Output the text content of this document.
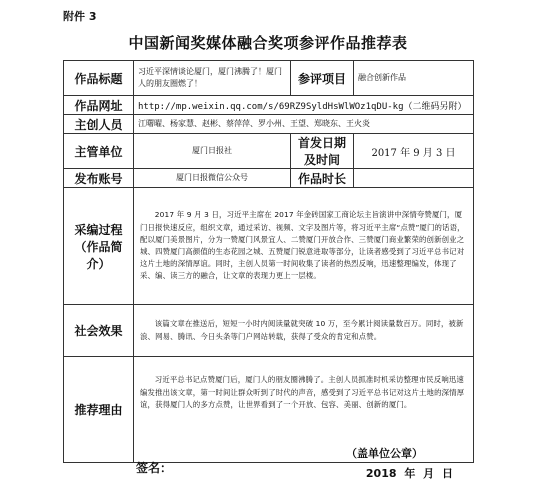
附件 3
中国新闻奖媒体融合奖项参评作品推荐表
作品标题	习近平深情谈论厦门，厦门沸腾了！厦门人的朋友圈燃了！	参评项目	融合创新作品
作品网址	http://mp.weixin.qq.com/s/69RZ9SyldHsWlWOz1qDU-kg（二维码另附）		
主创人员	江曙曜、杨家慧、赵彬、蔡萍萍、罗小州、王望、郑晓东、王火炎		
主管单位	厦门日报社	首发日期及时间	2017 年 9 月 3 日
发布账号	厦门日报微信公众号	作品时长	
采编过程
（作品简介）	2017 年 9 月 3 日，习近平主席在 2017 年金砖国家工商论坛主旨演讲中深情夸赞厦门，厦门日报快速反应，组织文章，通过采访、视频、文字及图片等，将习近平主席“点赞”厦门的话语，配以厦门美景图片，分为一赞厦门风景宜人、二赞厦门开放合作、三赞厦门商业繁荣的创新创业之城、四赞厦门高颜值的生态花园之城、五赞厦门锐意进取等部分，让读者感受到了习近平总书记对这片土地的深情厚谊。同时，主创人员第一时间收集了读者的热烈反响，迅速整理编发，体现了采、编、读三方的融合，让文章的表现力更上一层楼。		
社会效果	该篇文章在推送后，短短一小时内阅读量就突破 10 万，至今累计阅读量数百万。同时，被新浪、网易、腾讯、今日头条等门户网站转载，获得了受众的肯定和点赞。		
推荐理由	习近平总书记点赞厦门后，厦门人的朋友圈沸腾了。主创人员抓准时机采访整理市民反响迅速编发推出该文章，第一时间让群众听到了时代的声音，感受到了习近平总书记对这片土地的深情厚谊，获得厦门人的多方点赞，让世界看到了一个开放、包容、美丽、创新的厦门。		

	签名：
（盖单位公章）
2018 年 月 日		
